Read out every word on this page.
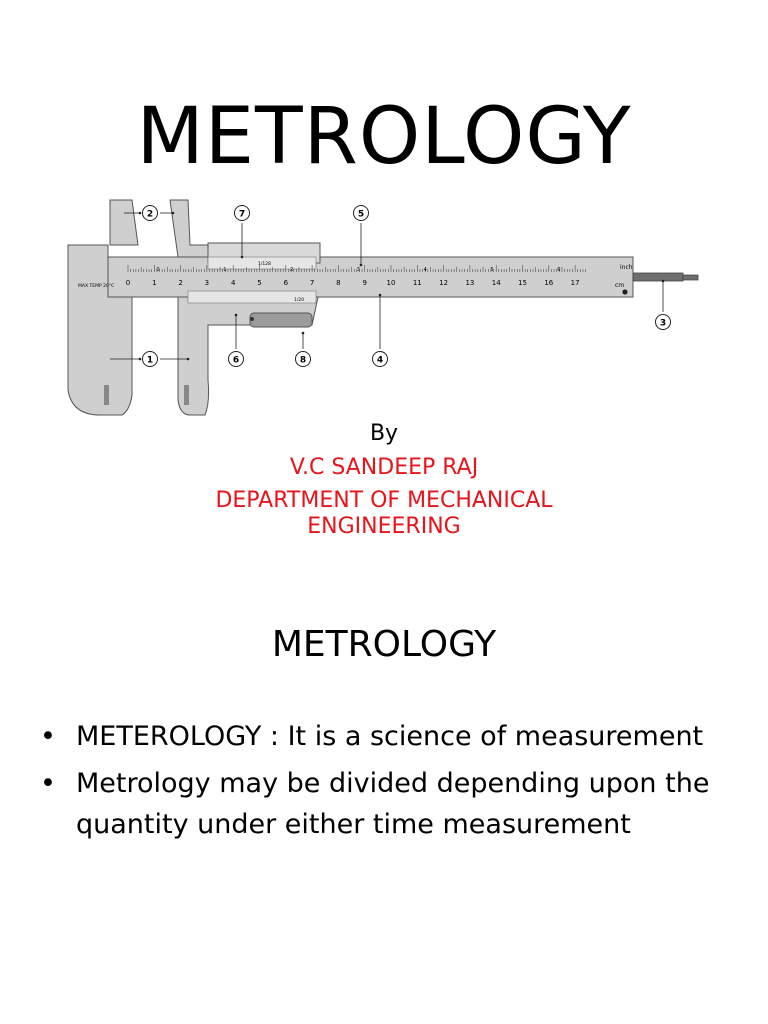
METROLOGY
0	1	2	3	4	5	6	7	8	9	10 11 12 13 14 15 16 17
0	1	2	3	4	5	6
cm
inch
1/20
1/128
MAX TEMP 20°C
1
2
3
4
5
6
7
8
By
V.C SANDEEP RAJ
DEPARTMENT OF MECHANICAL
ENGINEERING
METROLOGY
• METEROLOGY : It is a science of measurement
• Metrology may be divided depending upon the quantity under either time measurement
